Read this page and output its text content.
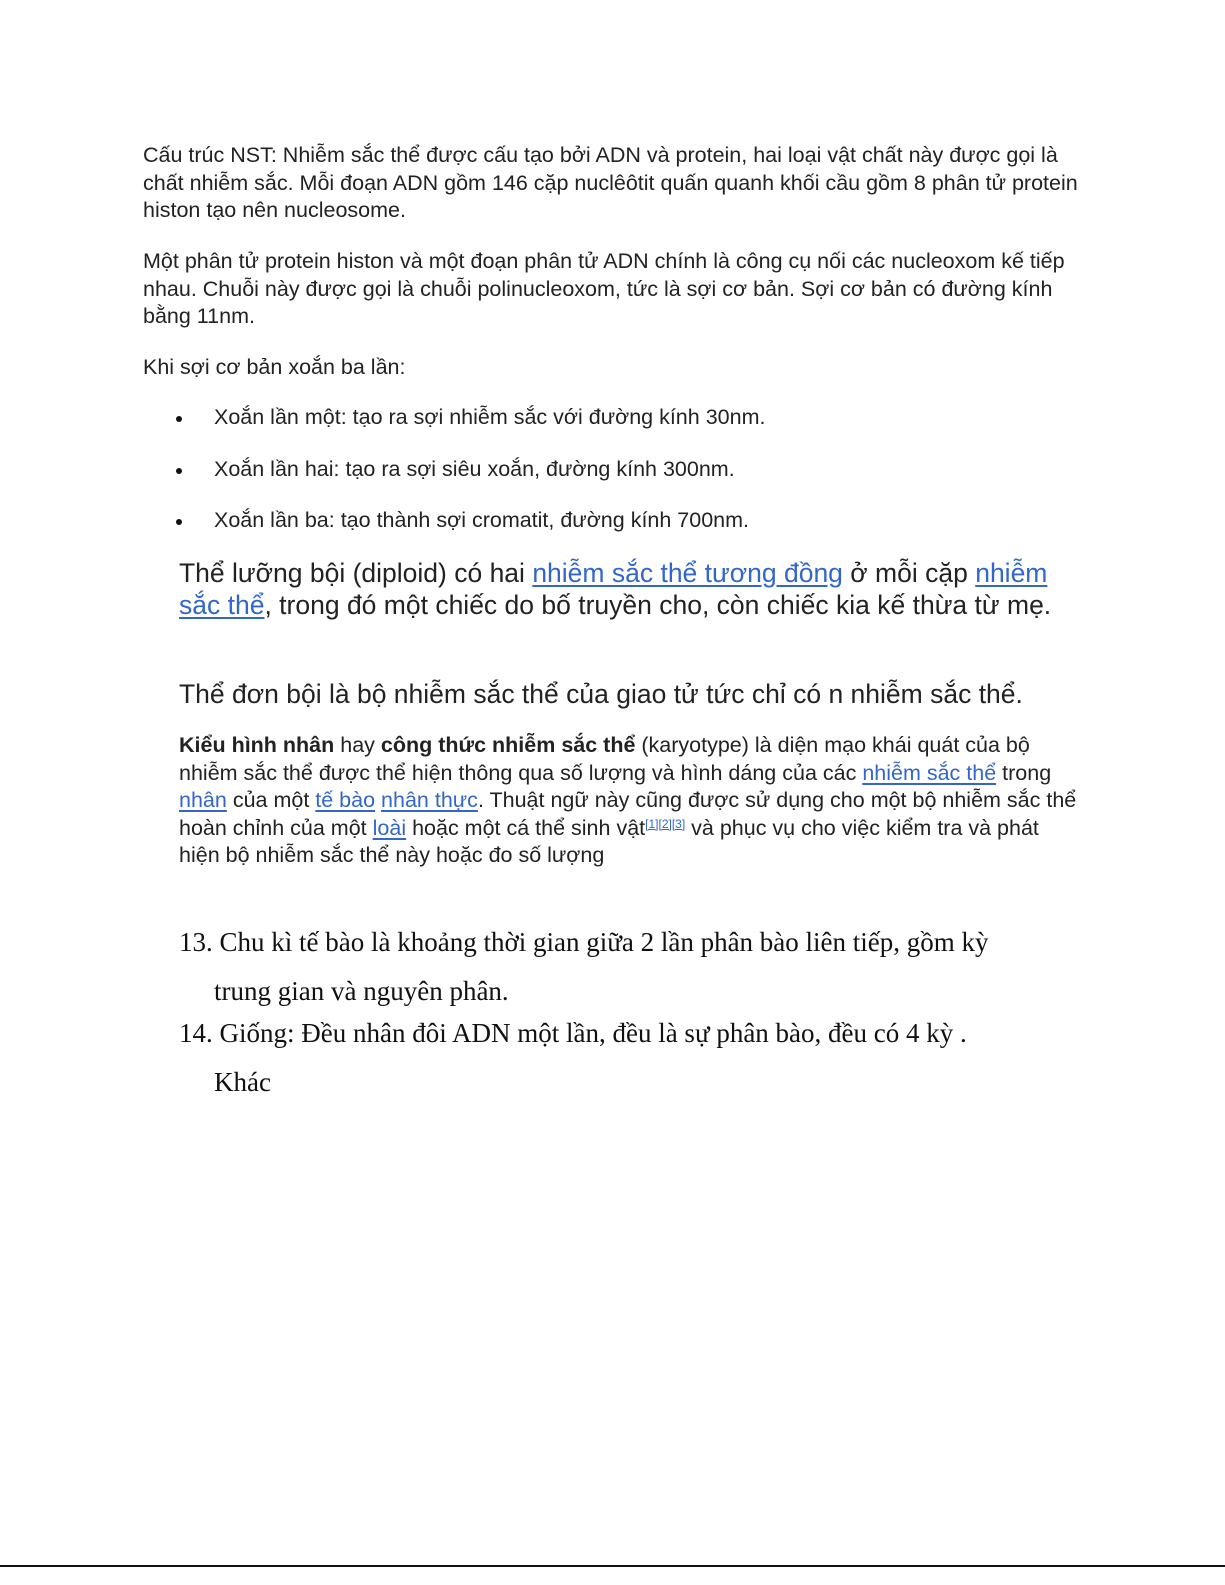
Cấu trúc NST: Nhiễm sắc thể được cấu tạo bởi ADN và protein, hai loại vật chất này được gọi là chất nhiễm sắc. Mỗi đoạn ADN gồm 146 cặp nuclêôtit quấn quanh khối cầu gồm 8 phân tử protein histon tạo nên nucleosome.

Một phân tử protein histon và một đoạn phân tử ADN chính là công cụ nối các nucleoxom kế tiếp nhau. Chuỗi này được gọi là chuỗi polinucleoxom, tức là sợi cơ bản. Sợi cơ bản có đường kính bằng 11nm.

Khi sợi cơ bản xoắn ba lần:

Xoắn lần một: tạo ra sợi nhiễm sắc với đường kính 30nm.
Xoắn lần hai: tạo ra sợi siêu xoắn, đường kính 300nm.
Xoắn lần ba: tạo thành sợi cromatit, đường kính 700nm.

Thể lưỡng bội (diploid) có hai nhiễm sắc thể tương đồng ở mỗi cặp nhiễm sắc thể, trong đó một chiếc do bố truyền cho, còn chiếc kia kế thừa từ mẹ.

Thể đơn bội là bộ nhiễm sắc thể của giao tử tức chỉ có n nhiễm sắc thể.

Kiểu hình nhân hay công thức nhiễm sắc thể (karyotype) là diện mạo khái quát của bộ nhiễm sắc thể được thể hiện thông qua số lượng và hình dáng của các nhiễm sắc thể trong nhân của một tế bào nhân thực. Thuật ngữ này cũng được sử dụng cho một bộ nhiễm sắc thể hoàn chỉnh của một loài hoặc một cá thể sinh vật[1][2][3] và phục vụ cho việc kiểm tra và phát hiện bộ nhiễm sắc thể này hoặc đo số lượng

13. Chu kì tế bào là khoảng thời gian giữa 2 lần phân bào liên tiếp, gồm kỳ
trung gian và nguyên phân.

14. Giống: Đều nhân đôi ADN một lần, đều là sự phân bào, đều có 4 kỳ .

Khác
